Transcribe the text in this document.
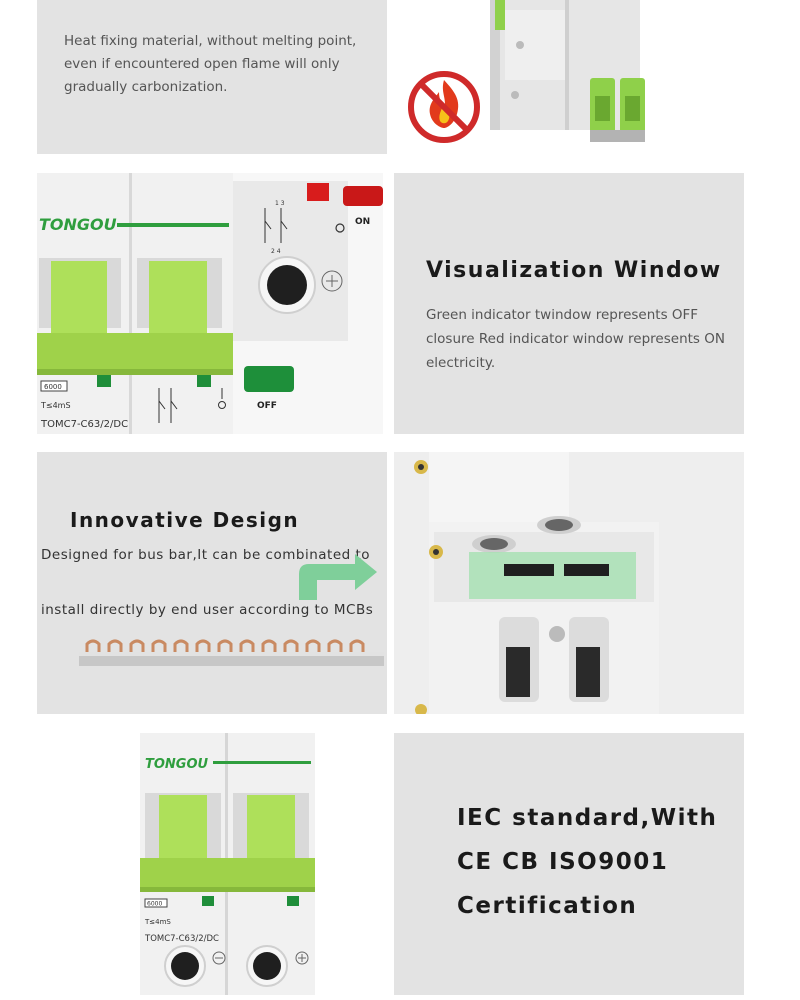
Heat fixing material, without melting point, even if encountered open flame will only gradually carbonization.

TONGOU
6000
T≤4mS
TOMC7-C63/2/DC
1 3
2 4
ON
OFF
Visualization Window

Green indicator twindow represents OFF closure Red indicator window represents ON electricity.

Innovative Design

Designed for bus bar,It can be combinated to

install directly by end user according to MCBs

TONGOU
6000
T≤4mS
TOMC7-C63/2/DC

IEC standard,With

CE CB ISO9001

Certification
